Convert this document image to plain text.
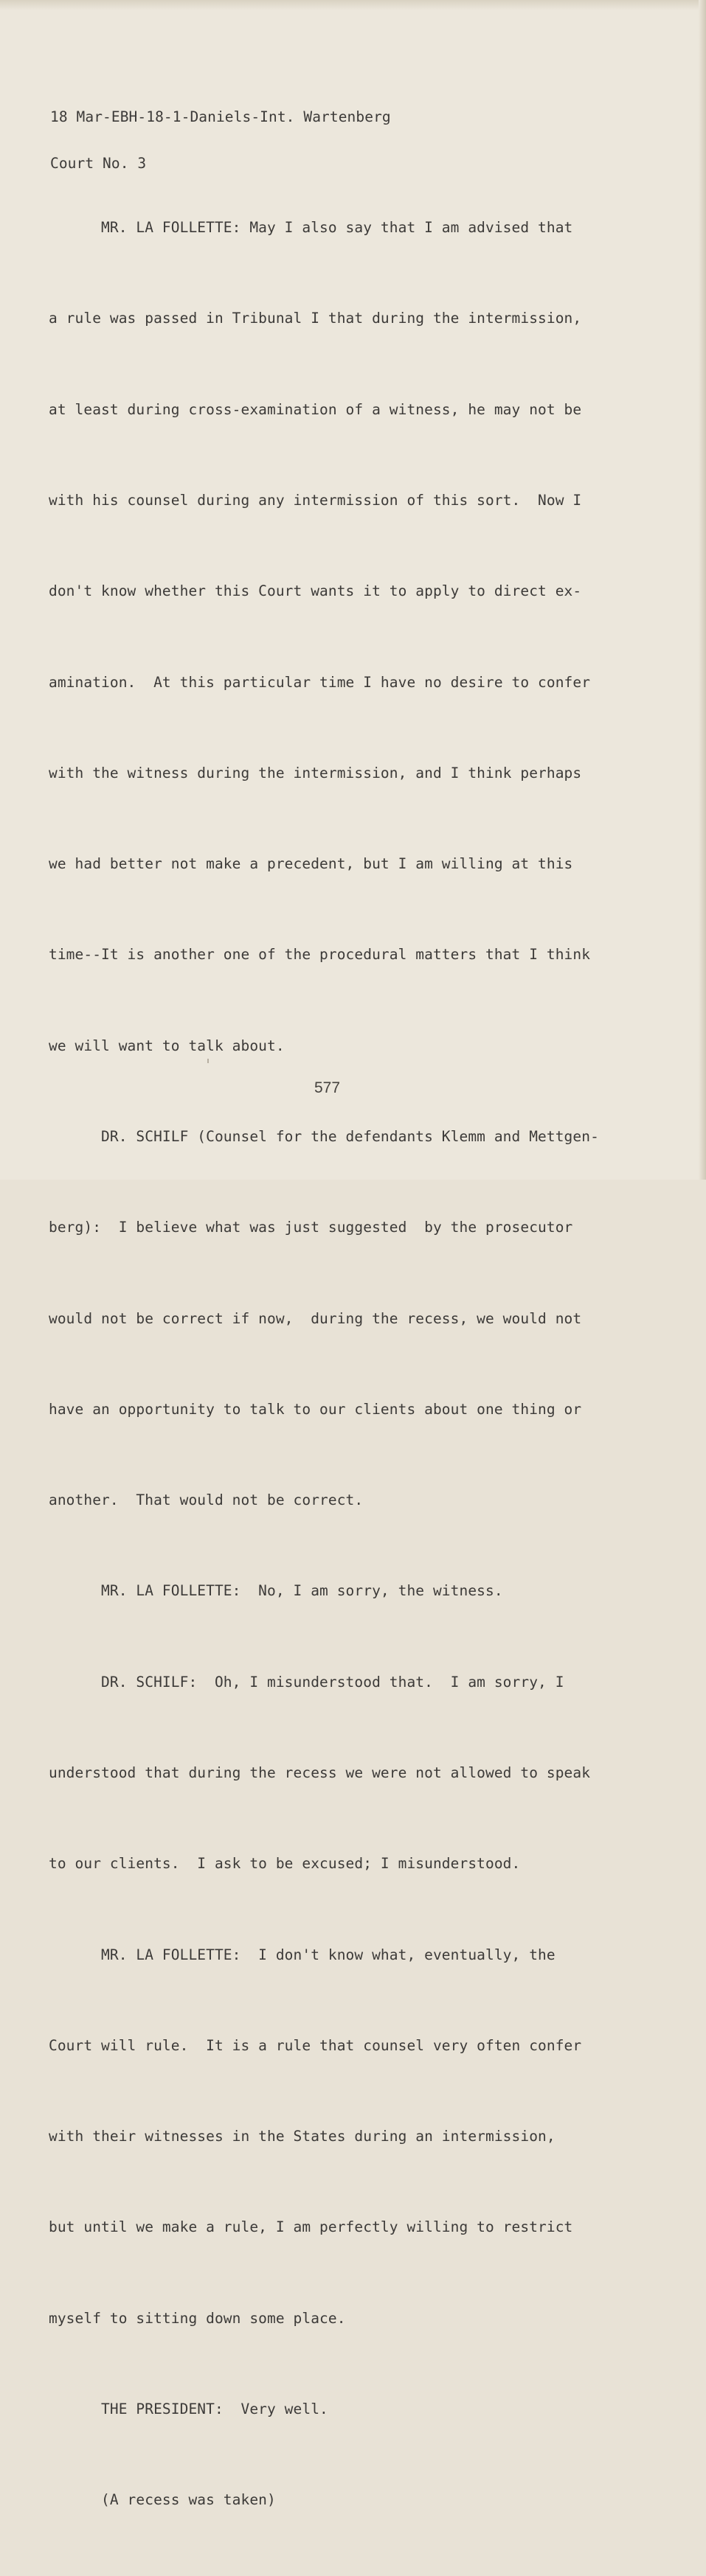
18 Mar-EBH-18-1-Daniels-Int. Wartenberg

Court No. 3

MR. LA FOLLETTE: May I also say that I am advised that

a rule was passed in Tribunal I that during the intermission,

at least during cross-examination of a witness, he may not be

with his counsel during any intermission of this sort.  Now I

don't know whether this Court wants it to apply to direct ex-

amination.  At this particular time I have no desire to confer

with the witness during the intermission, and I think perhaps

we had better not make a precedent, but I am willing at this

time--It is another one of the procedural matters that I think

we will want to talk about.

DR. SCHILF (Counsel for the defendants Klemm and Mettgen-

berg):  I believe what was just suggested  by the prosecutor

would not be correct if now,  during the recess, we would not

have an opportunity to talk to our clients about one thing or

another.  That would not be correct.

MR. LA FOLLETTE:  No, I am sorry, the witness.

DR. SCHILF:  Oh, I misunderstood that.  I am sorry, I

understood that during the recess we were not allowed to speak

to our clients.  I ask to be excused; I misunderstood.

MR. LA FOLLETTE:  I don't know what, eventually, the

Court will rule.  It is a rule that counsel very often confer

with their witnesses in the States during an intermission,

but until we make a rule, I am perfectly willing to restrict

myself to sitting down some place.

THE PRESIDENT:  Very well.

(A recess was taken)

577
